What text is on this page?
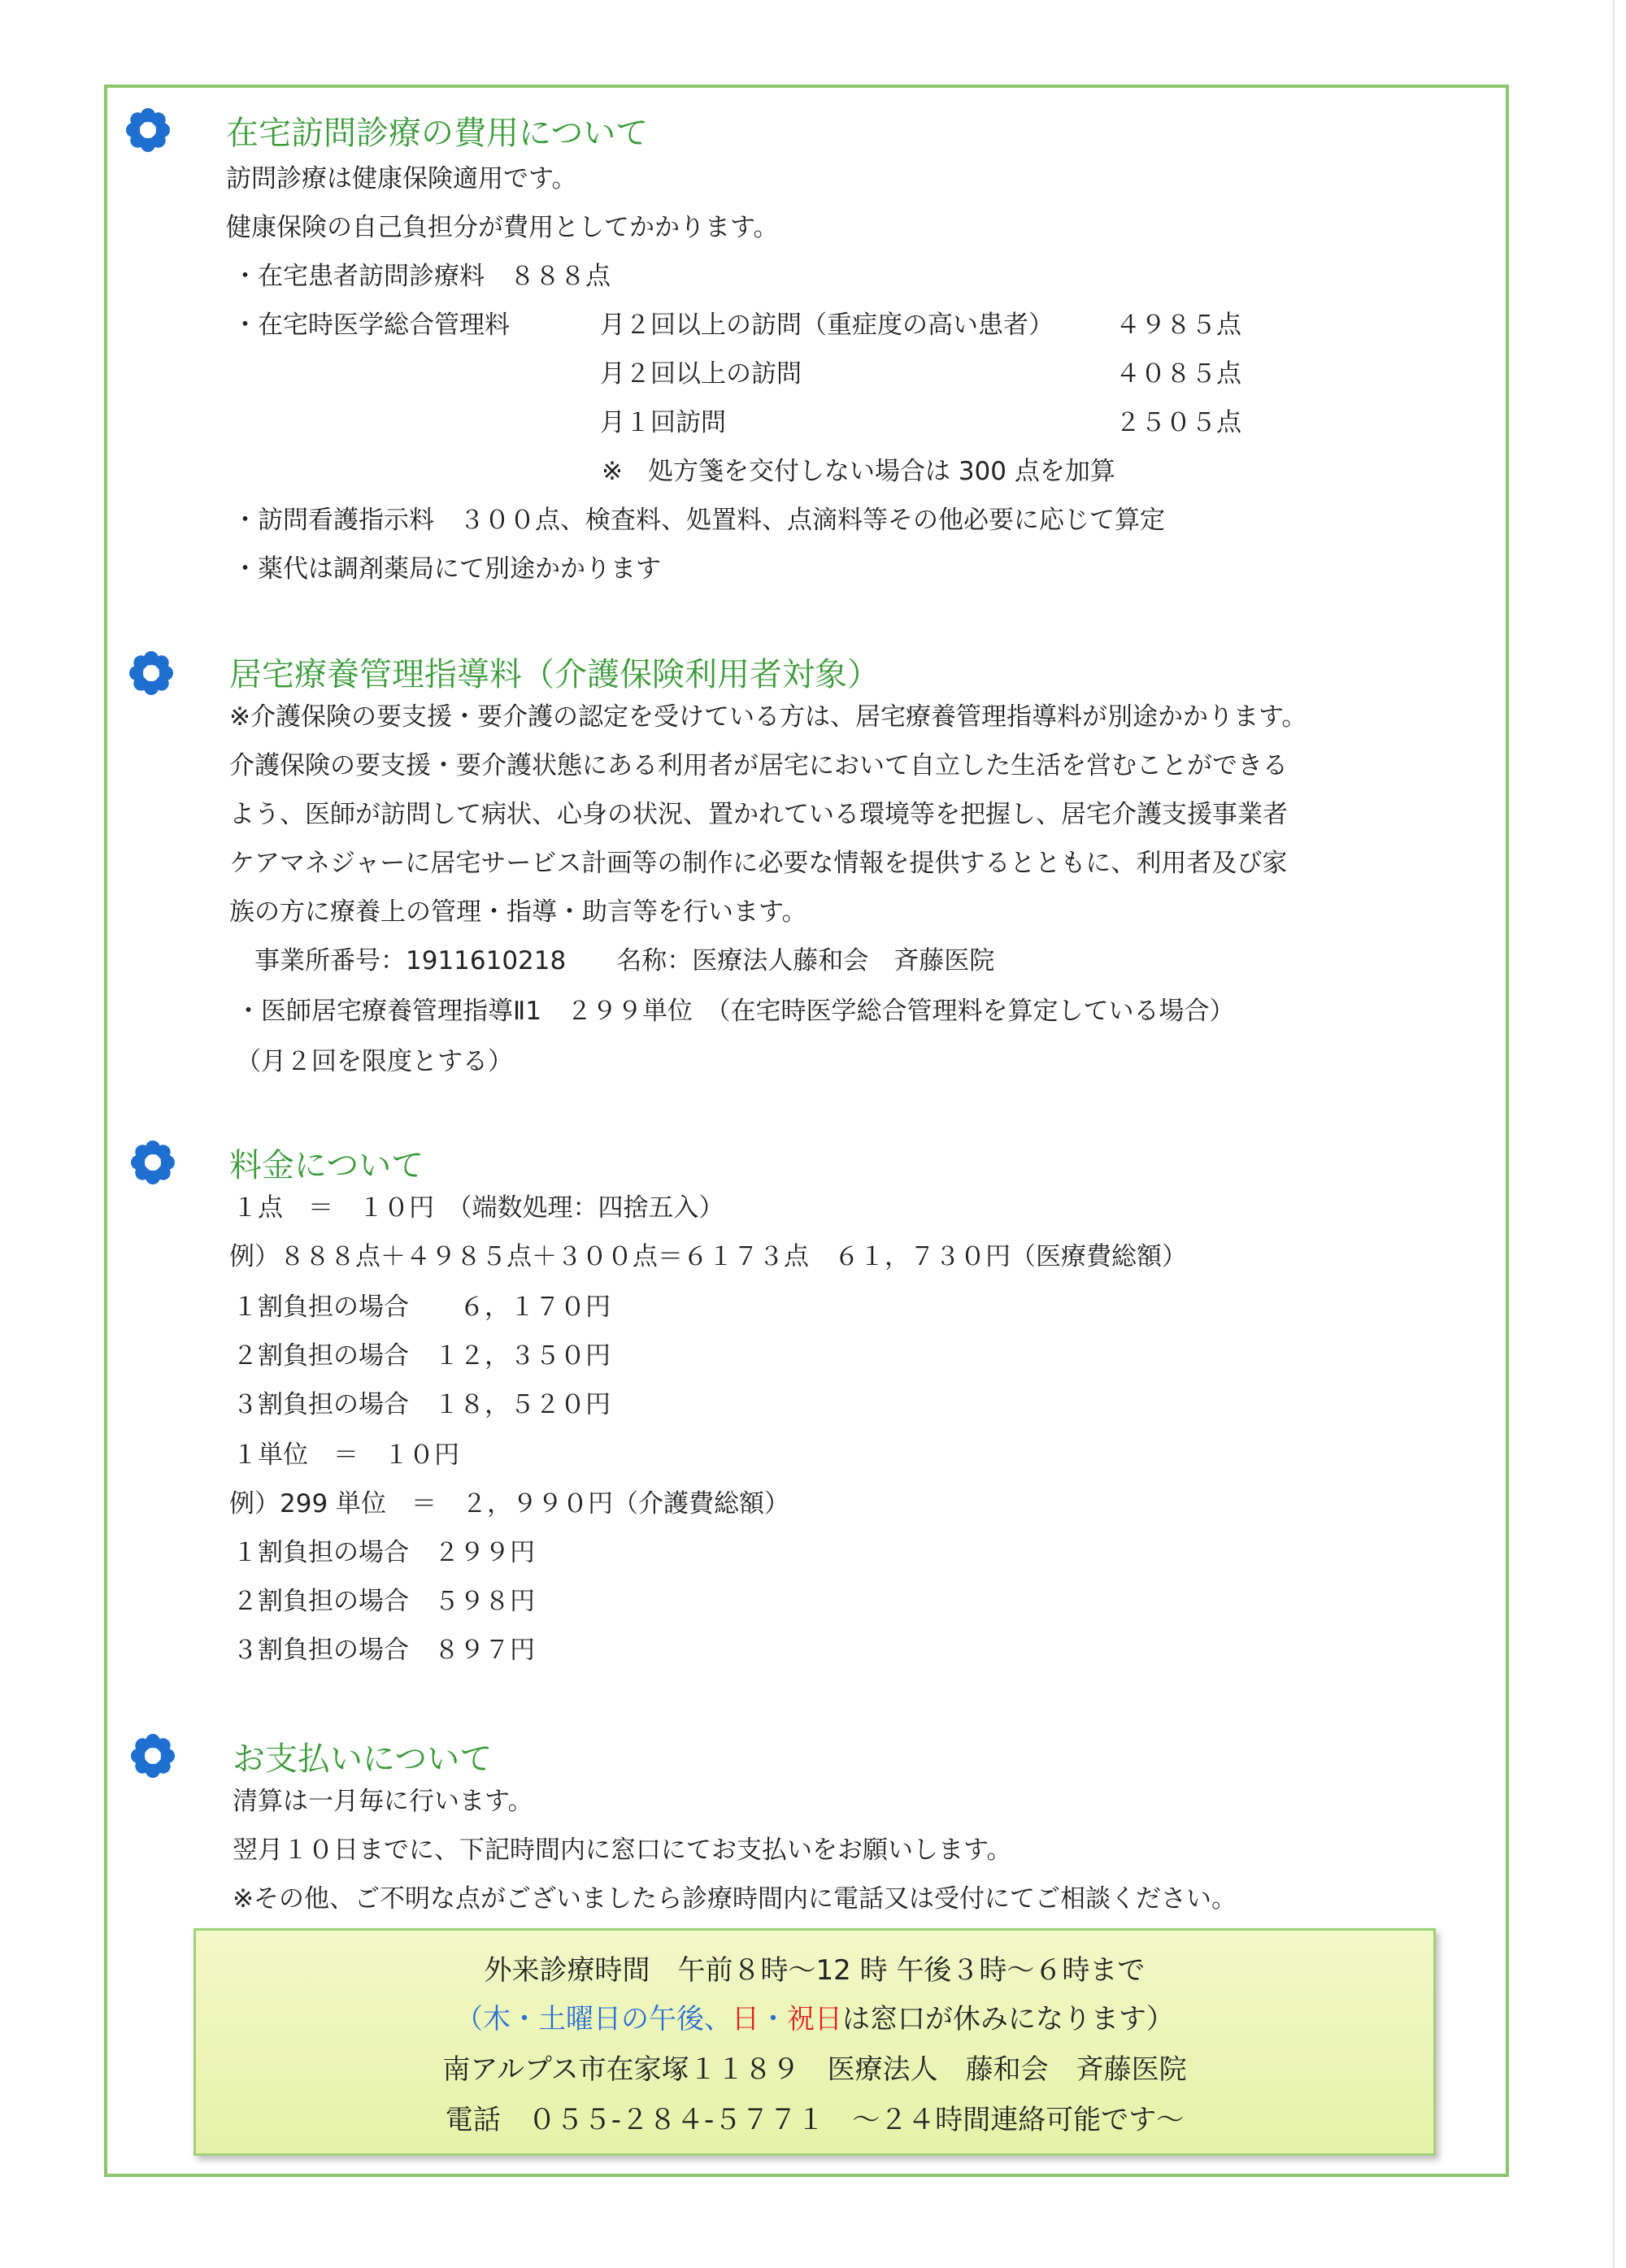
在宅訪問診療の費用について
訪問診療は健康保険適用です。
健康保険の自己負担分が費用としてかかります。
・在宅患者訪問診療料　８８８点
・在宅時医学総合管理料	月２回以上の訪問（重症度の高い患者） ４９８５点
月２回以上の訪問	４０８５点
月１回訪問	２５０５点
※　処方箋を交付しない場合は 300 点を加算
・訪問看護指示料　３００点、検査料、処置料、点滴料等その他必要に応じて算定
・薬代は調剤薬局にて別途かかります
居宅療養管理指導料（介護保険利用者対象）
※介護保険の要支援・要介護の認定を受けている方は、居宅療養管理指導料が別途かかります。
介護保険の要支援・要介護状態にある利用者が居宅において自立した生活を営むことができる
よう、医師が訪問して病状、心身の状況、置かれている環境等を把握し、居宅介護支援事業者
ケアマネジャーに居宅サービス計画等の制作に必要な情報を提供するとともに、利用者及び家
族の方に療養上の管理・指導・助言等を行います。
　事業所番号：1911610218　　名称：医療法人藤和会　斉藤医院
・医師居宅療養管理指導Ⅱ1　２９９単位　（在宅時医学総合管理料を算定している場合）
（月２回を限度とする）
料金について
１点　＝　１０円　（端数処理：四捨五入）
例）８８８点＋４９８５点＋３００点＝６１７３点　６１，７３０円（医療費総額）
１割負担の場合　　６，１７０円
２割負担の場合　１２，３５０円
３割負担の場合　１８，５２０円
１単位　＝　１０円
例）299 単位　＝　２，９９０円（介護費総額）
１割負担の場合　２９９円
２割負担の場合　５９８円
３割負担の場合　８９７円
お支払いについて
清算は一月毎に行います。
翌月１０日までに、下記時間内に窓口にてお支払いをお願いします。
※その他、ご不明な点がございましたら診療時間内に電話又は受付にてご相談ください。
外来診療時間　午前８時～12 時 午後３時～６時まで
（木・土曜日の午後、日・祝日は窓口が休みになります）
南アルプス市在家塚１１８９　医療法人　藤和会　斉藤医院
電話　０５５-２８４-５７７１　～２４時間連絡可能です～
